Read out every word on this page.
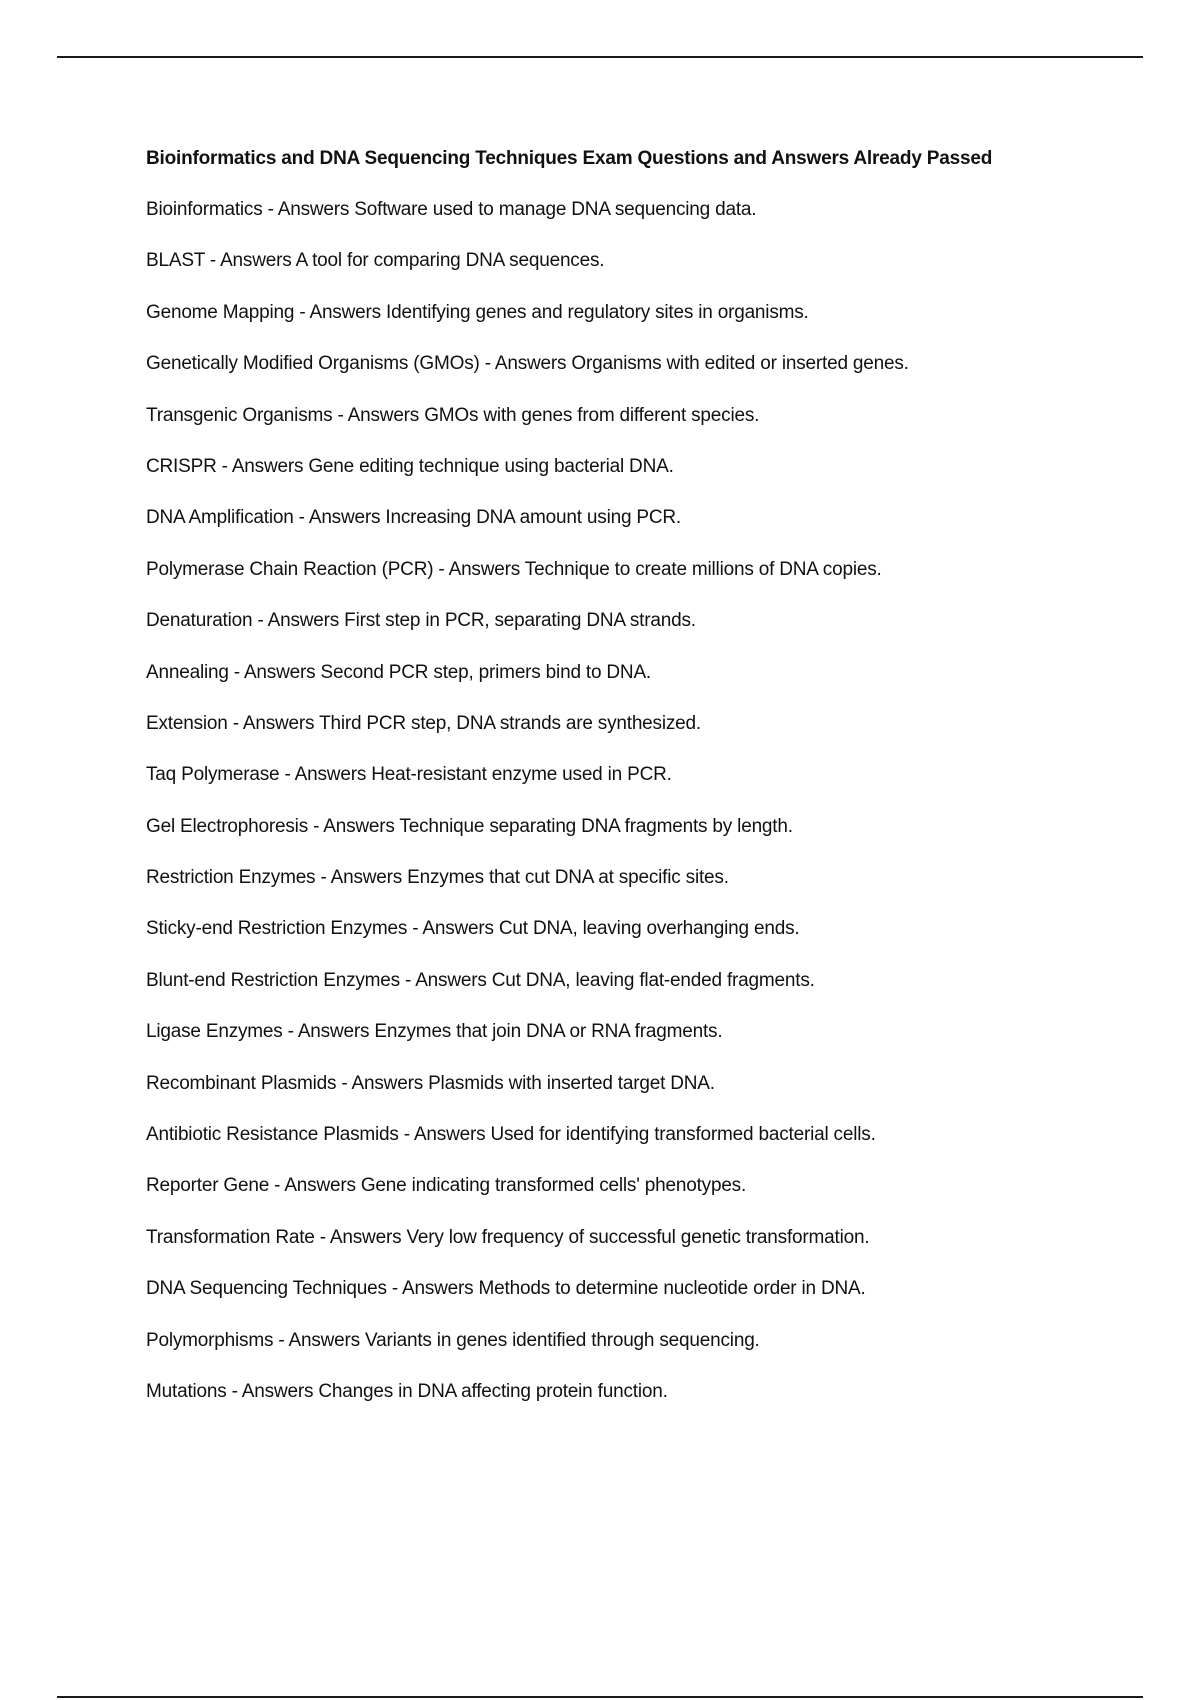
Bioinformatics and DNA Sequencing Techniques Exam Questions and Answers Already Passed
Bioinformatics - Answers Software used to manage DNA sequencing data.
BLAST - Answers A tool for comparing DNA sequences.
Genome Mapping - Answers Identifying genes and regulatory sites in organisms.
Genetically Modified Organisms (GMOs) - Answers Organisms with edited or inserted genes.
Transgenic Organisms - Answers GMOs with genes from different species.
CRISPR - Answers Gene editing technique using bacterial DNA.
DNA Amplification - Answers Increasing DNA amount using PCR.
Polymerase Chain Reaction (PCR) - Answers Technique to create millions of DNA copies.
Denaturation - Answers First step in PCR, separating DNA strands.
Annealing - Answers Second PCR step, primers bind to DNA.
Extension - Answers Third PCR step, DNA strands are synthesized.
Taq Polymerase - Answers Heat-resistant enzyme used in PCR.
Gel Electrophoresis - Answers Technique separating DNA fragments by length.
Restriction Enzymes - Answers Enzymes that cut DNA at specific sites.
Sticky-end Restriction Enzymes - Answers Cut DNA, leaving overhanging ends.
Blunt-end Restriction Enzymes - Answers Cut DNA, leaving flat-ended fragments.
Ligase Enzymes - Answers Enzymes that join DNA or RNA fragments.
Recombinant Plasmids - Answers Plasmids with inserted target DNA.
Antibiotic Resistance Plasmids - Answers Used for identifying transformed bacterial cells.
Reporter Gene - Answers Gene indicating transformed cells' phenotypes.
Transformation Rate - Answers Very low frequency of successful genetic transformation.
DNA Sequencing Techniques - Answers Methods to determine nucleotide order in DNA.
Polymorphisms - Answers Variants in genes identified through sequencing.
Mutations - Answers Changes in DNA affecting protein function.
